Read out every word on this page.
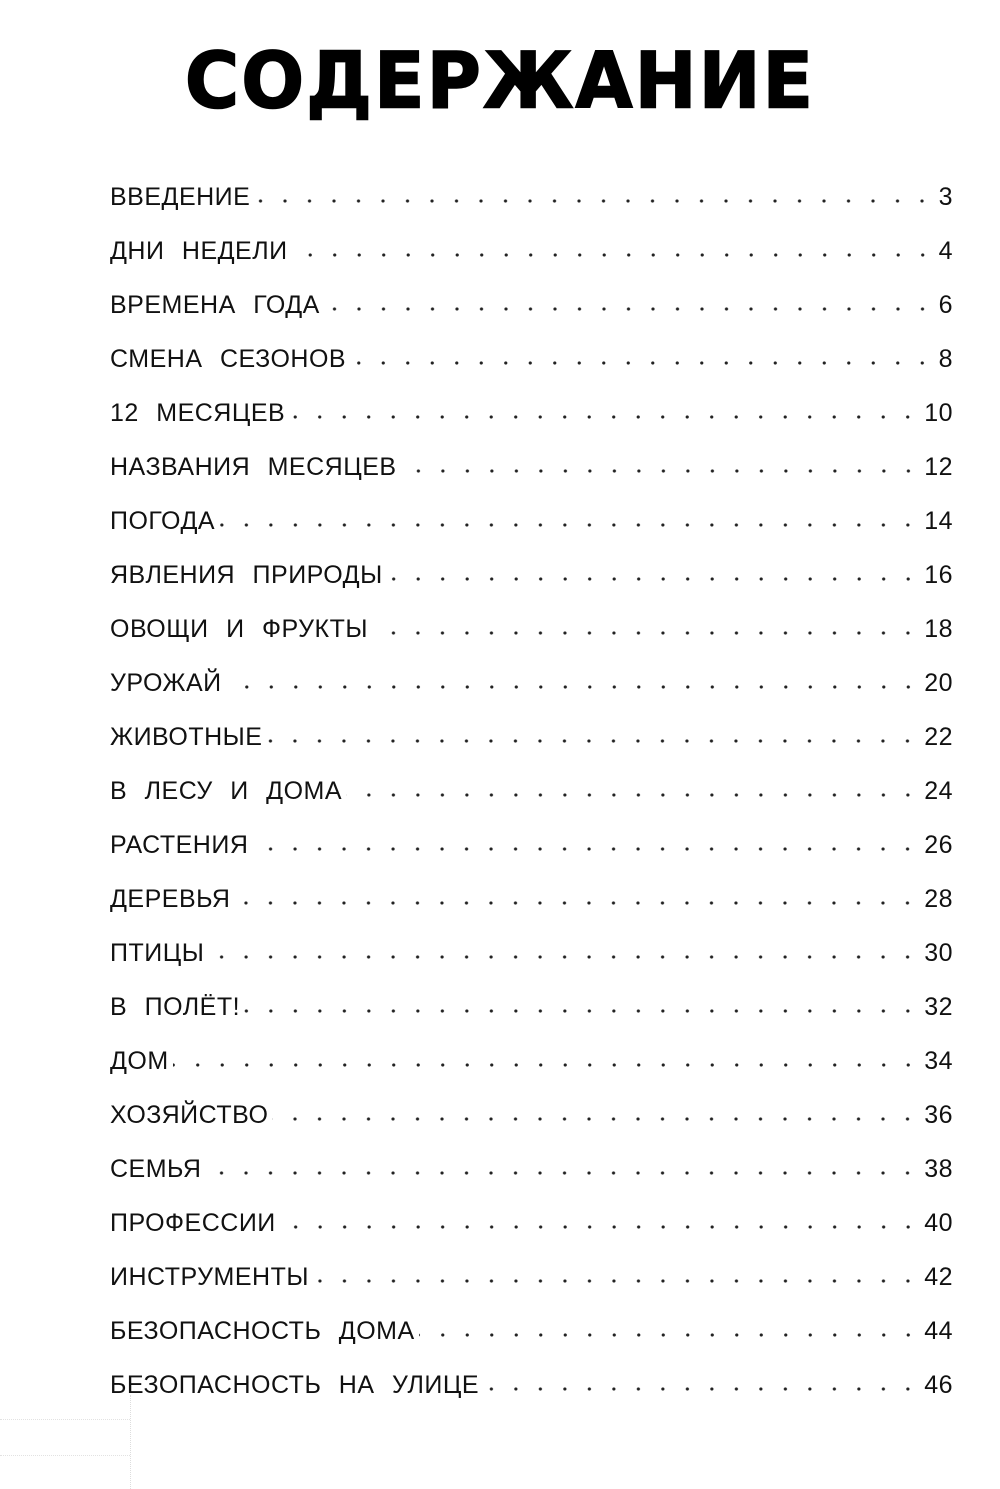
СОДЕРЖАНИЕ
ВВЕДЕНИЕ	3
ДНИ НЕДЕЛИ	4
ВРЕМЕНА ГОДА	6
СМЕНА СЕЗОНОВ	8
12 МЕСЯЦЕВ	10
НАЗВАНИЯ МЕСЯЦЕВ	12
ПОГОДА	14
ЯВЛЕНИЯ ПРИРОДЫ	16
ОВОЩИ И ФРУКТЫ	18
УРОЖАЙ	20
ЖИВОТНЫЕ	22
В ЛЕСУ И ДОМА	24
РАСТЕНИЯ	26
ДЕРЕВЬЯ	28
ПТИЦЫ	30
В ПОЛЁТ!	32
ДОМ	34
ХОЗЯЙСТВО	36
СЕМЬЯ	38
ПРОФЕССИИ	40
ИНСТРУМЕНТЫ	42
БЕЗОПАСНОСТЬ ДОМА	44
БЕЗОПАСНОСТЬ НА УЛИЦЕ	46
